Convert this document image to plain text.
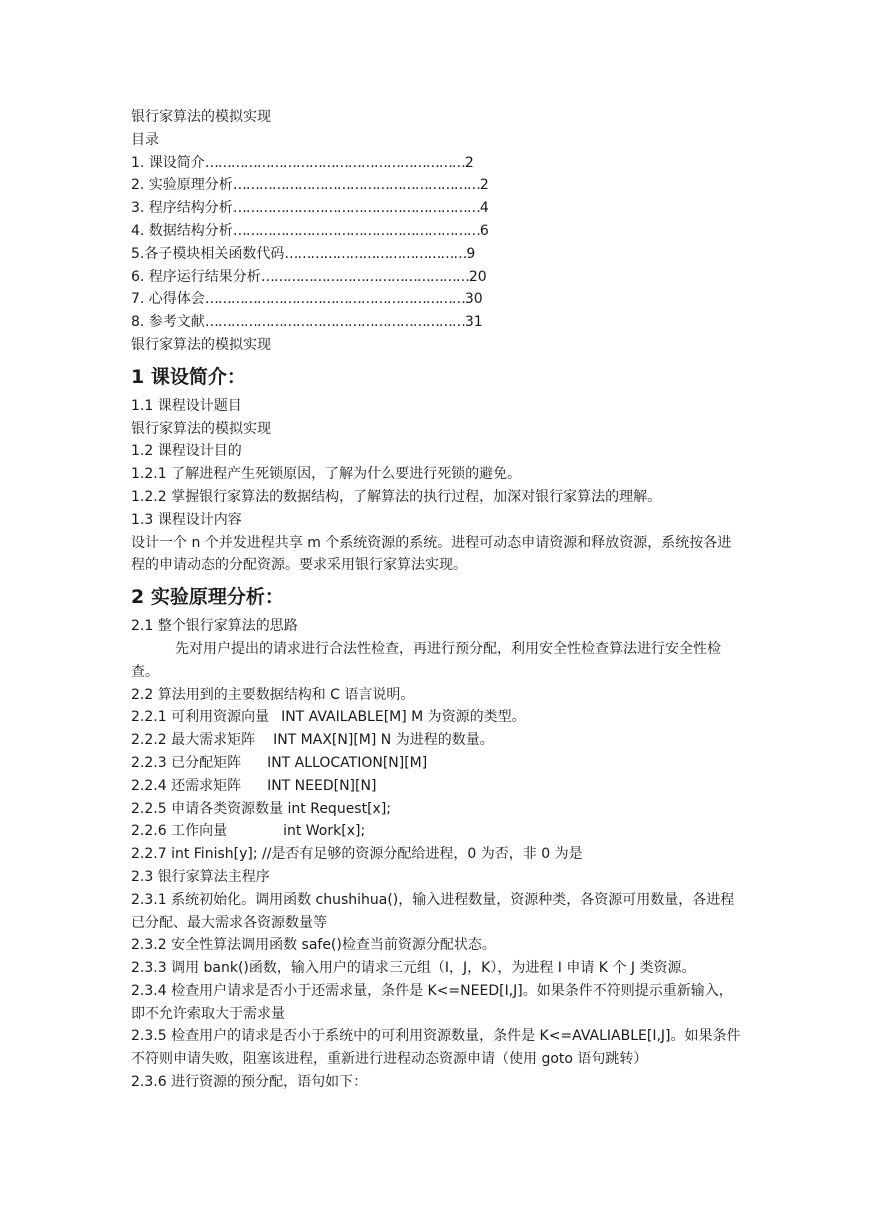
银行家算法的模拟实现
目录
1. 课设简介 …………………………………………………… 2
2. 实验原理分析 ………………………………………………… 2
3. 程序结构分析 ………………………………………………… 4
4. 数据结构分析 ………………………………………………… 6
5.各子模块相关函数代码 …………………………………… 9
6. 程序运行结果分析 ………………………………………… 20
7. 心得体会 …………………………………………………… 30
8. 参考文献 …………………………………………………… 31
银行家算法的模拟实现
1 课设简介：
1.1 课程设计题目
银行家算法的模拟实现
1.2 课程设计目的
1.2.1 了解进程产生死锁原因，了解为什么要进行死锁的避免。
1.2.2 掌握银行家算法的数据结构，了解算法的执行过程，加深对银行家算法的理解。
1.3 课程设计内容
设计一个 n 个并发进程共享 m 个系统资源的系统。进程可动态申请资源和释放资源，系统按各进程的申请动态的分配资源。要求采用银行家算法实现。
2 实验原理分析：
2.1 整个银行家算法的思路
先对用户提出的请求进行合法性检查，再进行预分配，利用安全性检查算法进行安全性检查。
2.2 算法用到的主要数据结构和 C 语言说明。
2.2.1 可利用资源向量 INT AVAILABLE[M] M 为资源的类型。
2.2.2 最大需求矩阵 INT MAX[N][M] N 为进程的数量。
2.2.3 已分配矩阵 INT ALLOCATION[N][M]
2.2.4 还需求矩阵 INT NEED[N][N]
2.2.5 申请各类资源数量 int Request[x];
2.2.6 工作向量	int Work[x];
2.2.7 int Finish[y]; //是否有足够的资源分配给进程，0 为否，非 0 为是
2.3 银行家算法主程序
2.3.1 系统初始化。调用函数 chushihua()，输入进程数量，资源种类，各资源可用数量，各进程已分配、最大需求各资源数量等
2.3.2 安全性算法调用函数 safe()检查当前资源分配状态。
2.3.3 调用 bank()函数，输入用户的请求三元组（I，J，K），为进程 I 申请 K 个 J 类资源。
2.3.4 检查用户请求是否小于还需求量，条件是 K<=NEED[I,J]。如果条件不符则提示重新输入，即不允许索取大于需求量
2.3.5 检查用户的请求是否小于系统中的可利用资源数量，条件是 K<=AVALIABLE[I,J]。如果条件不符则申请失败，阻塞该进程，重新进行进程动态资源申请（使用 goto 语句跳转）
2.3.6 进行资源的预分配，语句如下：
